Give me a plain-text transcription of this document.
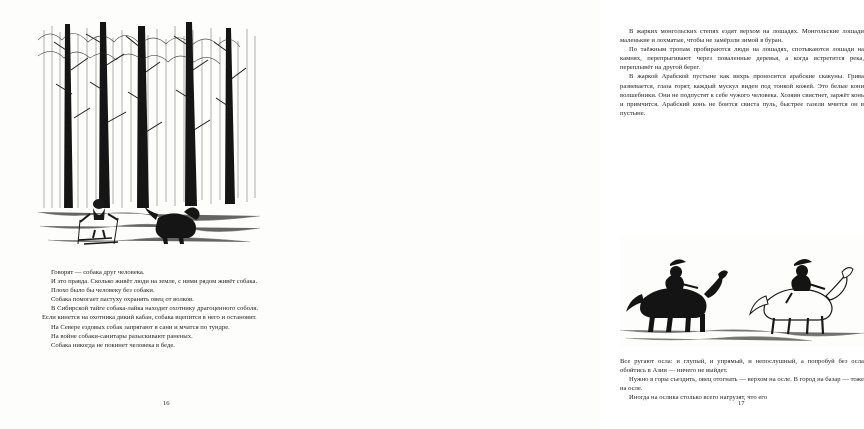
Говорят — собака друг человека.

И это правда. Сколько живёт люди на земле, с ними рядом живёт собака.

Плохо было бы человеку без собаки.

Собака помогает пастуху охранять овец от волков.

В Сибирской тайге собака-лайка находит охотнику драгоценного соболя. Если кинется на охотника дикий кабан, собака вцепится в него и остановит.

На Севере ездовых собак запрягают в сани и мчатся по тундре.

На войне собаки-санитары разыскивают раненых.

Собака никогда не покинет человека в беде.

16

В жарких монгольских степях ездят верхом на лошадях. Монгольские лошади маленькие и лохматые, чтобы не замёрзли зимой в буран.

По таёжным тропам пробираются люди на лошадях, спотыкаются лошади на камнях, перепрыгивают через поваленные деревья, а когда встретится река, переплывёт на другой берег.

В жаркой Арабской пустыне как вихрь проносится арабские скакуны. Грива развевается, глаза горят, каждый мускул виден под тонкой кожей. Это белые кони волшебники. Они не подпустят к себе чужого человека. Хозяин свистнет, заржёт конь и примчится. Арабский конь не боится свиста пуль, быстрее газели мчится он в пустыне.

Все ругают осла: и глупый, и упрямый, и непослушный, а попробуй без осла обойтись в Азии — ничего не выйдет.

Нужно в горы съездить, овец отогнать — верхом на осле. В город на базар — тоже на осле.

Иногда на ослика столько всего нагрузят, что его

17
